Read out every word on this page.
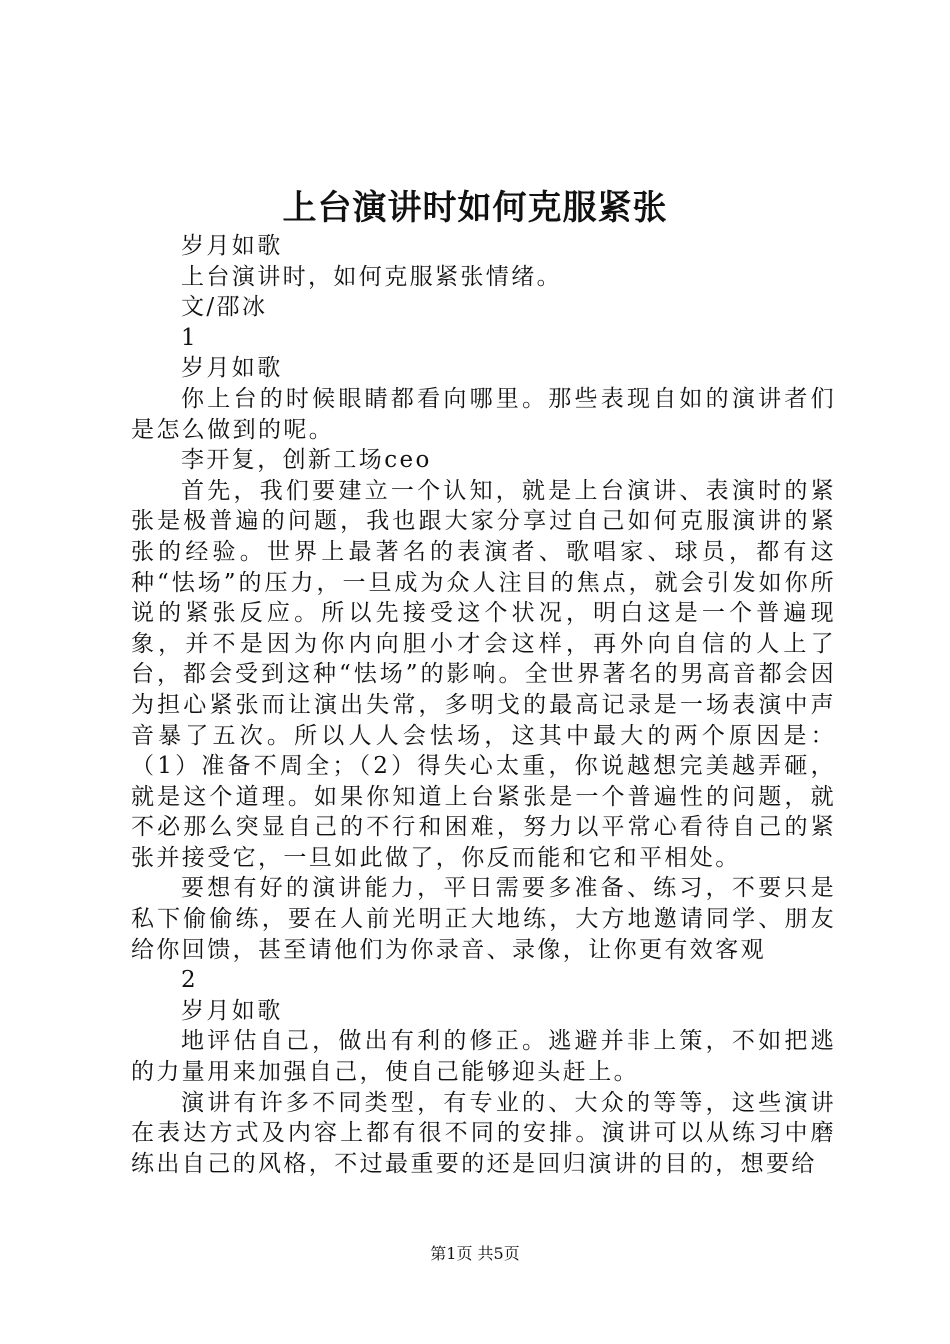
上台演讲时如何克服紧张

岁月如歌

上台演讲时，如何克服紧张情绪。

文/邵冰

1

岁月如歌

你上台的时候眼睛都看向哪里。那些表现自如的演讲者们是怎么做到的呢。

李开复，创新工场ceo

首先，我们要建立一个认知，就是上台演讲、表演时的紧张是极普遍的问题，我也跟大家分享过自己如何克服演讲的紧张的经验。世界上最著名的表演者、歌唱家、球员，都有这种“怯场”的压力，一旦成为众人注目的焦点，就会引发如你所说的紧张反应。所以先接受这个状况，明白这是一个普遍现象，并不是因为你内向胆小才会这样，再外向自信的人上了台，都会受到这种“怯场”的影响。全世界著名的男高音都会因为担心紧张而让演出失常，多明戈的最高记录是一场表演中声音暴了五次。所以人人会怯场，这其中最大的两个原因是：（1）准备不周全；（2）得失心太重，你说越想完美越弄砸，就是这个道理。如果你知道上台紧张是一个普遍性的问题，就不必那么突显自己的不行和困难，努力以平常心看待自己的紧张并接受它，一旦如此做了，你反而能和它和平相处。

要想有好的演讲能力，平日需要多准备、练习，不要只是私下偷偷练，要在人前光明正大地练，大方地邀请同学、朋友给你回馈，甚至请他们为你录音、录像，让你更有效客观

2

岁月如歌

地评估自己，做出有利的修正。逃避并非上策，不如把逃的力量用来加强自己，使自己能够迎头赶上。

演讲有许多不同类型，有专业的、大众的等等，这些演讲在表达方式及内容上都有很不同的安排。演讲可以从练习中磨练出自己的风格，不过最重要的还是回归演讲的目的，想要给

第1页 共5页
